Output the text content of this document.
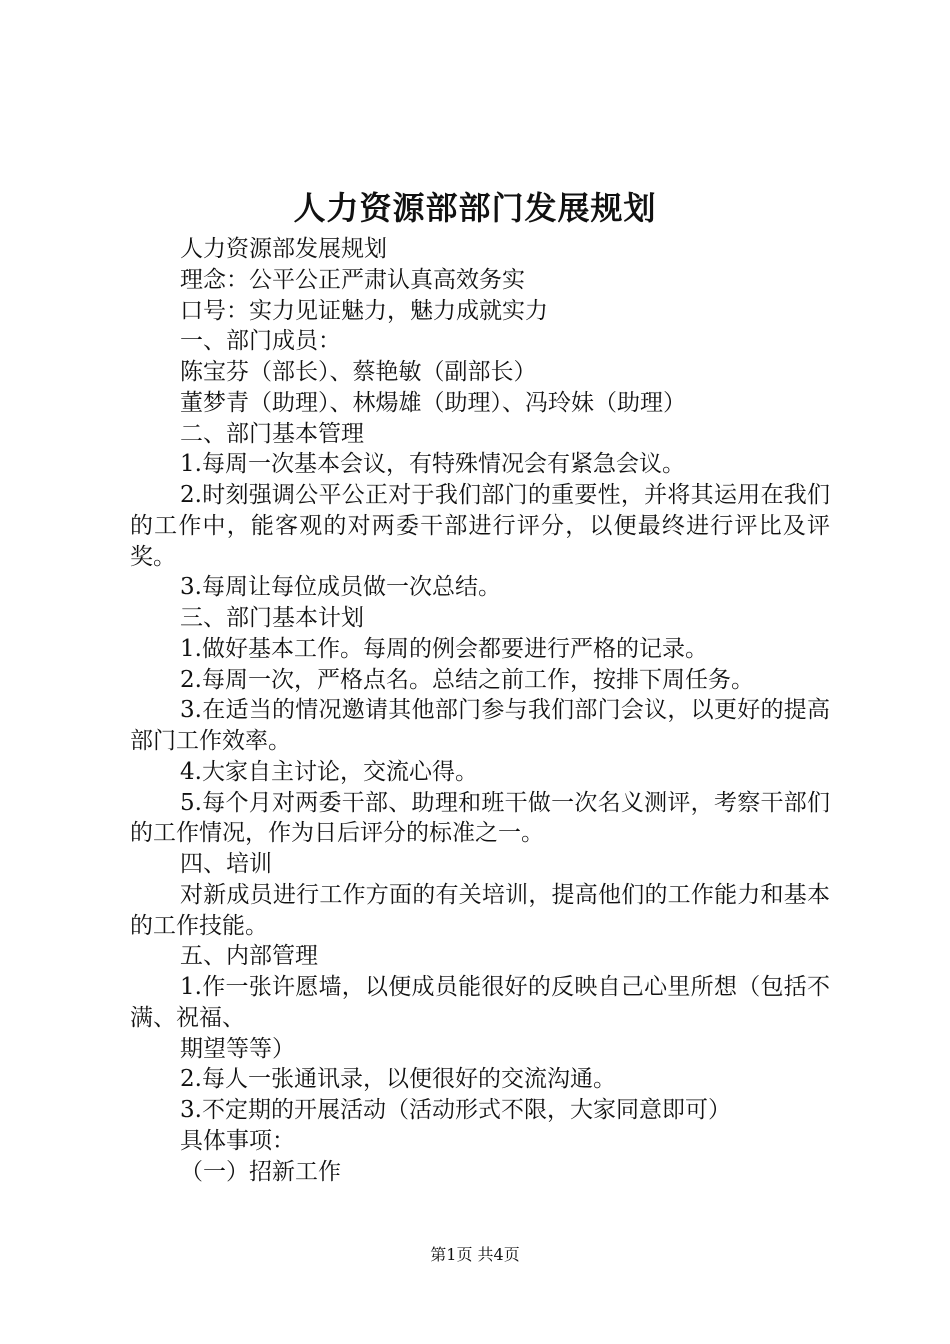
人力资源部部门发展规划

人力资源部发展规划

理念：公平公正严肃认真高效务实

口号：实力见证魅力，魅力成就实力

一、部门成员：

陈宝芬（部长）、蔡艳敏（副部长）

董梦青（助理）、林煬雄（助理）、冯玲妹（助理）

二、部门基本管理

1.每周一次基本会议，有特殊情况会有紧急会议。

2.时刻强调公平公正对于我们部门的重要性，并将其运用在我们的工作中，能客观的对两委干部进行评分，以便最终进行评比及评奖。

3.每周让每位成员做一次总结。

三、部门基本计划

1.做好基本工作。每周的例会都要进行严格的记录。

2.每周一次，严格点名。总结之前工作，按排下周任务。

3.在适当的情况邀请其他部门参与我们部门会议，以更好的提高部门工作效率。

4.大家自主讨论，交流心得。

5.每个月对两委干部、助理和班干做一次名义测评，考察干部们的工作情况，作为日后评分的标准之一。

四、培训

对新成员进行工作方面的有关培训，提高他们的工作能力和基本的工作技能。

五、内部管理

1.作一张许愿墙，以便成员能很好的反映自己心里所想（包括不满、祝福、

期望等等）

2.每人一张通讯录，以便很好的交流沟通。

3.不定期的开展活动（活动形式不限，大家同意即可）

具体事项：

（一）招新工作

第1页 共4页
